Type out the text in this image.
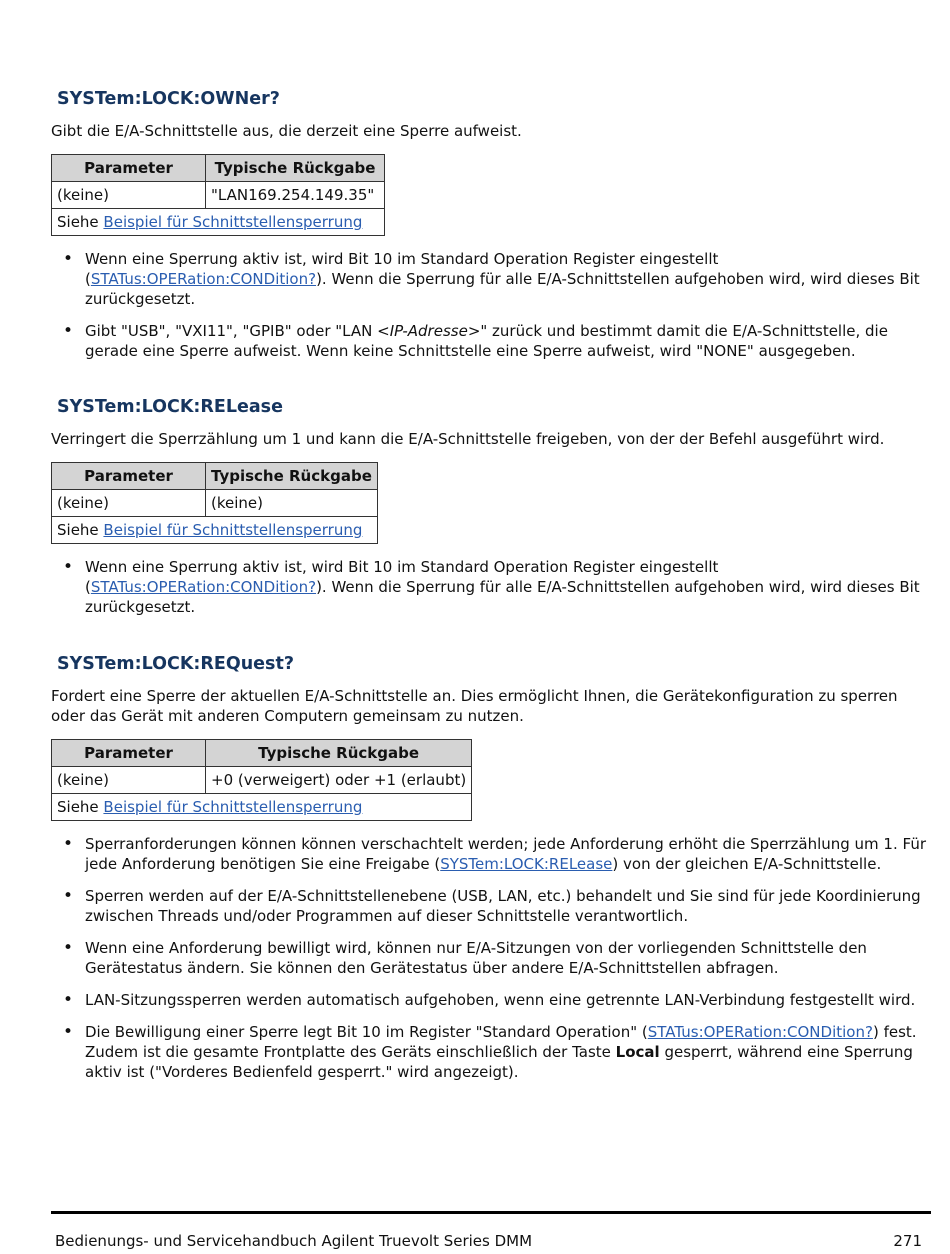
SYSTem:LOCK:OWNer?

Gibt die E/A-Schnittstelle aus, die derzeit eine Sperre aufweist.

Parameter	Typische Rückgabe
(keine)	"LAN169.254.149.35"
Siehe Beispiel für Schnittstellensperrung	
• Wenn eine Sperrung aktiv ist, wird Bit 10 im Standard Operation Register eingestellt (STATus:OPERation:CONDition?). Wenn die Sperrung für alle E/A-Schnittstellen aufgehoben wird, wird dieses Bit zurückgesetzt.
• Gibt "USB", "VXI11", "GPIB" oder "LAN <IP-Adresse>" zurück und bestimmt damit die E/A-Schnittstelle, die gerade eine Sperre aufweist. Wenn keine Schnittstelle eine Sperre aufweist, wird "NONE" ausgegeben.
SYSTem:LOCK:RELease

Verringert die Sperrzählung um 1 und kann die E/A-Schnittstelle freigeben, von der der Befehl ausgeführt wird.

Parameter	Typische Rückgabe
(keine)	(keine)
Siehe Beispiel für Schnittstellensperrung	
• Wenn eine Sperrung aktiv ist, wird Bit 10 im Standard Operation Register eingestellt (STATus:OPERation:CONDition?). Wenn die Sperrung für alle E/A-Schnittstellen aufgehoben wird, wird dieses Bit zurückgesetzt.
SYSTem:LOCK:REQuest?

Fordert eine Sperre der aktuellen E/A-Schnittstelle an. Dies ermöglicht Ihnen, die Gerätekonfiguration zu sperren oder das Gerät mit anderen Computern gemeinsam zu nutzen.

Parameter	Typische Rückgabe
(keine)	+0 (verweigert) oder +1 (erlaubt)
Siehe Beispiel für Schnittstellensperrung	
• Sperranforderungen können können verschachtelt werden; jede Anforderung erhöht die Sperrzählung um 1. Für jede Anforderung benötigen Sie eine Freigabe (SYSTem:LOCK:RELease) von der gleichen E/A-Schnittstelle.
• Sperren werden auf der E/A-Schnittstellenebene (USB, LAN, etc.) behandelt und Sie sind für jede Koordinierung zwischen Threads und/oder Programmen auf dieser Schnittstelle verantwortlich.
• Wenn eine Anforderung bewilligt wird, können nur E/A-Sitzungen von der vorliegenden Schnittstelle den Gerätestatus ändern. Sie können den Gerätestatus über andere E/A-Schnittstellen abfragen.
• LAN-Sitzungssperren werden automatisch aufgehoben, wenn eine getrennte LAN-Verbindung festgestellt wird.
• Die Bewilligung einer Sperre legt Bit 10 im Register "Standard Operation" (STATus:OPERation:CONDition?) fest. Zudem ist die gesamte Frontplatte des Geräts einschließlich der Taste Local gesperrt, während eine Sperrung aktiv ist ("Vorderes Bedienfeld gesperrt." wird angezeigt).
Bedienungs- und Servicehandbuch Agilent Truevolt Series DMM	271
